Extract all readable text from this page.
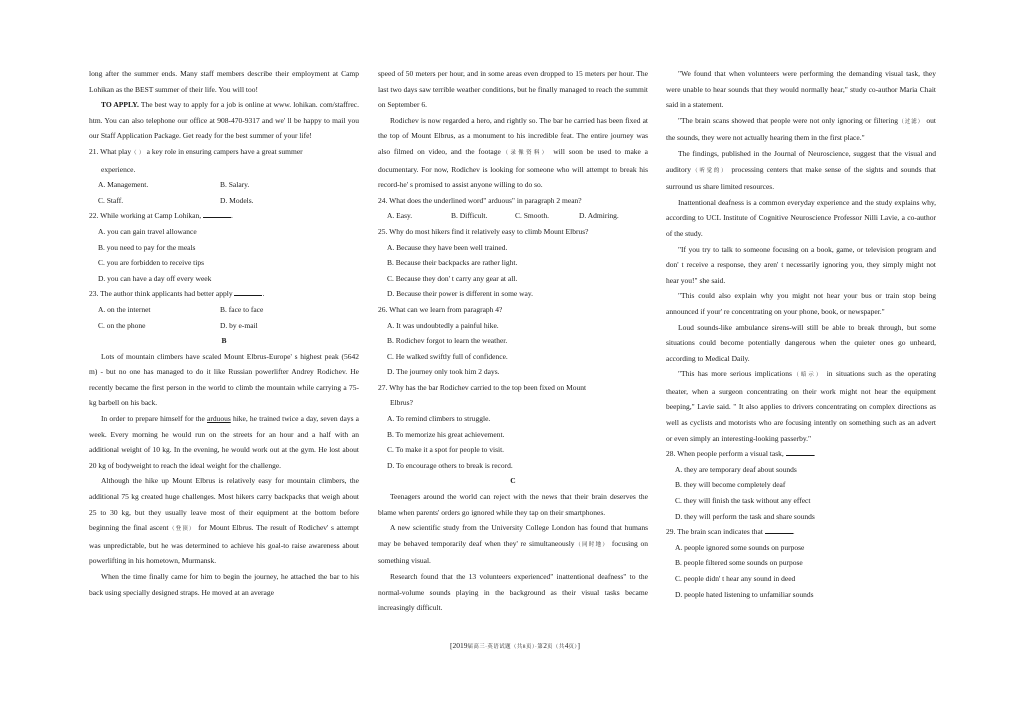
long after the summer ends. Many staff members describe their employment at Camp Lohikan as the BEST summer of their life. You will too!

TO APPLY. The best way to apply for a job is online at www. lohikan. com/staffrec. htm. You can also telephone our office at 908-470-9317 and we' ll be happy to mail you our Staff Application Package. Get ready for the best summer of your life!

21. What play（ ） a key role in ensuring campers have a great summer
experience.
A. Management.	B. Salary.
C. Staff.	D. Models.
22. While working at Camp Lohikan,	.

A. you can gain travel allowance

B. you need to pay for the meals

C. you are forbidden to receive tips

D. you can have a day off every week

23. The author think applicants had better apply	.
A. on the internet	B. face to face
C. on the phone	D. by e-mail

B

Lots of mountain climbers have scaled Mount Elbrus-Europe' s highest peak (5642 m) - but no one has managed to do it like Russian powerlifter Andrey Rodichev. He recently became the first person in the world to climb the mountain while carrying a 75-kg barbell on his back.

In order to prepare himself for the arduous hike, he trained twice a day, seven days a week. Every morning he would run on the streets for an hour and a half with an additional weight of 10 kg. In the evening, he would work out at the gym. He lost about 20 kg of bodyweight to reach the ideal weight for the challenge.

Although the hike up Mount Elbrus is relatively easy for mountain climbers, the additional 75 kg created huge challenges. Most hikers carry backpacks that weigh about 25 to 30 kg, but they usually leave most of their equipment at the bottom before beginning the final ascent（登顶） for Mount Elbrus. The result of Rodichev' s attempt was unpredictable, but he was determined to achieve his goal-to raise awareness about powerlifting in his hometown, Murmansk.

When the time finally came for him to begin the journey, he attached the bar to his back using specially designed straps. He moved at an average

speed of 50 meters per hour, and in some areas even dropped to 15 meters per hour. The last two days saw terrible weather conditions, but he finally managed to reach the summit on September 6.

Rodichev is now regarded a hero, and rightly so. The bar he carried has been fixed at the top of Mount Elbrus, as a monument to his incredible feat. The entire journey was also filmed on video, and the footage（录像资料） will soon be used to make a documentary. For now, Rodichev is looking for someone who will attempt to break his record-he' s promised to assist anyone willing to do so.

24. What does the underlined word" arduous" in paragraph 2 mean?

A. Easy.	B. Difficult.	C. Smooth.	D. Admiring.

25. Why do most hikers find it relatively easy to climb Mount Elbrus?

A. Because they have been well trained.

B. Because their backpacks are rather light.

C. Because they don' t carry any gear at all.

D. Because their power is different in some way.

26. What can we learn from paragraph 4?

A. It was undoubtedly a painful hike.

B. Rodichev forgot to learn the weather.

C. He walked swiftly full of confidence.

D. The journey only took him 2 days.

27. Why has the bar Rodichev carried to the top been fixed on Mount
Elbrus?

A. To remind climbers to struggle.

B. To memorize his great achievement.

C. To make it a spot for people to visit.

D. To encourage others to break is record.

C

Teenagers around the world can reject with the news that their brain deserves the blame when parents' orders go ignored while they tap on their smartphones.

A new scientific study from the University College London has found that humans may be behaved temporarily deaf when they' re simultaneously（同时地） focusing on something visual.

Research found that the 13 volunteers experienced" inattentional deafness" to the normal-volume sounds playing in the background as their visual tasks became increasingly difficult.

"We found that when volunteers were performing the demanding visual task, they were unable to hear sounds that they would normally hear," study co-author Maria Chait said in a statement.

"The brain scans showed that people were not only ignoring or filtering（过滤） out the sounds, they were not actually hearing them in the first place."

The findings, published in the Journal of Neuroscience, suggest that the visual and auditory（听觉的） processing centers that make sense of the sights and sounds that surround us share limited resources.

Inattentional deafness is a common everyday experience and the study explains why, according to UCL Institute of Cognitive Neuroscience Professor Nilli Lavie, a co-author of the study.

"If you try to talk to someone focusing on a book, game, or television program and don' t receive a response, they aren' t necessarily ignoring you, they simply might not hear you!" she said.

"This could also explain why you might not hear your bus or train stop being announced if your' re concentrating on your phone, book, or newspaper."

Loud sounds-like ambulance sirens-will still be able to break through, but some situations could become potentially dangerous when the quieter ones go unheard, according to Medical Daily.

"This has more serious implications（暗示） in situations such as the operating theater, when a surgeon concentrating on their work might not hear the equipment beeping," Lavie said. " It also applies to drivers concentrating on complex directions as well as cyclists and motorists who are focusing intently on something such as an advert or even simply an interesting-looking passerby."

28. When people perform a visual task,	.

A. they are temporary deaf about sounds

B. they will become completely deaf

C. they will finish the task without any effect

D. they will perform the task and share sounds

29. The brain scan indicates that	.

A. people ignored some sounds on purpose

B. people filtered some sounds on purpose

C. people didn' t hear any sound in deed

D. people hated listening to unfamiliar sounds

[2019届高三·英语试题（共8页）·第2页（共4页）]
